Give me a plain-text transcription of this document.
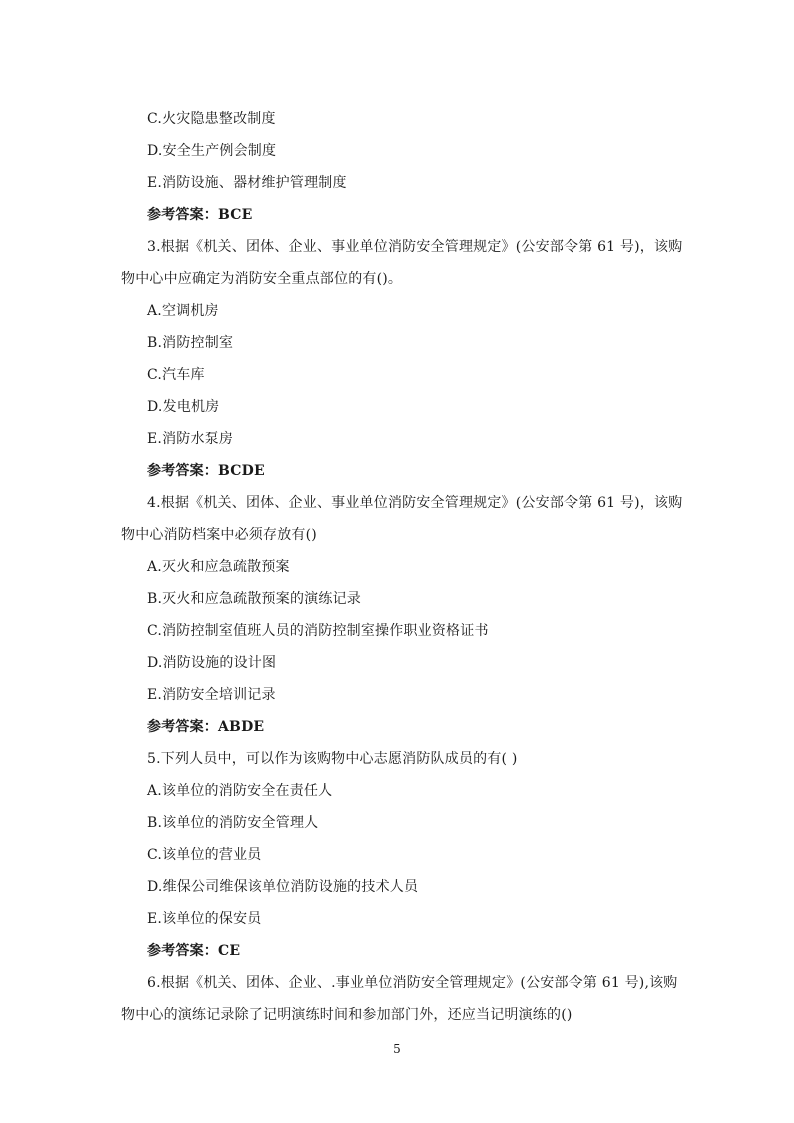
C.火灾隐患整改制度
D.安全生产例会制度
E.消防设施、器材维护管理制度
参考答案：BCE
3.根据《机关、团体、企业、事业单位消防安全管理规定》(公安部令第 61 号)，该购
物中心中应确定为消防安全重点部位的有()。
A.空调机房
B.消防控制室
C.汽车库
D.发电机房
E.消防水泵房
参考答案：BCDE
4.根据《机关、团体、企业、事业单位消防安全管理规定》(公安部令第 61 号)，该购
物中心消防档案中必须存放有()
A.灭火和应急疏散预案
B.灭火和应急疏散预案的演练记录
C.消防控制室值班人员的消防控制室操作职业资格证书
D.消防设施的设计图
E.消防安全培训记录
参考答案：ABDE
5.下列人员中，可以作为该购物中心志愿消防队成员的有( )
A.该单位的消防安全在责任人
B.该单位的消防安全管理人
C.该单位的营业员
D.维保公司维保该单位消防设施的技术人员
E.该单位的保安员
参考答案：CE
6.根据《机关、团体、企业、.事业单位消防安全管理规定》(公安部令第 61 号),该购
物中心的演练记录除了记明演练时间和参加部门外，还应当记明演练的()
5
